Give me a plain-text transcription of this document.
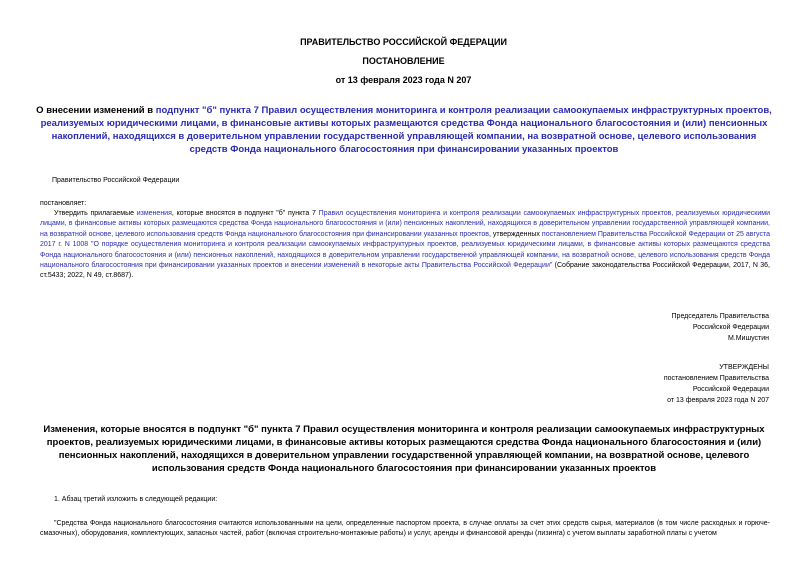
ПРАВИТЕЛЬСТВО РОССИЙСКОЙ ФЕДЕРАЦИИ
ПОСТАНОВЛЕНИЕ
от 13 февраля 2023 года N 207
О внесении изменений в подпункт "б" пункта 7 Правил осуществления мониторинга и контроля реализации самоокупаемых инфраструктурных проектов, реализуемых юридическими лицами, в финансовые активы которых размещаются средства Фонда национального благосостояния и (или) пенсионных накоплений, находящихся в доверительном управлении государственной управляющей компании, на возвратной основе, целевого использования средств Фонда национального благосостояния при финансировании указанных проектов
Правительство Российской Федерации
постановляет:
Утвердить прилагаемые изменения, которые вносятся в подпункт "б" пункта 7 Правил осуществления мониторинга и контроля реализации самоокупаемых инфраструктурных проектов, реализуемых юридическими лицами, в финансовые активы которых размещаются средства Фонда национального благосостояния и (или) пенсионных накоплений, находящихся в доверительном управлении государственной управляющей компании, на возвратной основе, целевого использования средств Фонда национального благосостояния при финансировании указанных проектов, утвержденных постановлением Правительства Российской Федерации от 25 августа 2017 г. N 1008 "О порядке осуществления мониторинга и контроля реализации самоокупаемых инфраструктурных проектов, реализуемых юридическими лицами, в финансовые активы которых размещаются средства Фонда национального благосостояния и (или) пенсионных накоплений, находящихся в доверительном управлении государственной управляющей компании, на возвратной основе, целевого использования средств Фонда национального благосостояния при финансировании указанных проектов и внесении изменений в некоторые акты Правительства Российской Федерации" (Собрание законодательства Российской Федерации, 2017, N 36, ст.5433; 2022, N 49, ст.8687).
Председатель Правительства
Российской Федерации
М.Мишустин
УТВЕРЖДЕНЫ
постановлением Правительства
Российской Федерации
от 13 февраля 2023 года N 207
Изменения, которые вносятся в подпункт "б" пункта 7 Правил осуществления мониторинга и контроля реализации самоокупаемых инфраструктурных проектов, реализуемых юридическими лицами, в финансовые активы которых размещаются средства Фонда национального благосостояния и (или) пенсионных накоплений, находящихся в доверительном управлении государственной управляющей компании, на возвратной основе, целевого использования средств Фонда национального благосостояния при финансировании указанных проектов
1. Абзац третий изложить в следующей редакции:
"Средства Фонда национального благосостояния считаются использованными на цели, определенные паспортом проекта, в случае оплаты за счет этих средств сырья, материалов (в том числе расходных и горюче-смазочных), оборудования, комплектующих, запасных частей, работ (включая строительно-монтажные работы) и услуг, аренды и финансовой аренды (лизинга) с учетом выплаты заработной платы с учетом
